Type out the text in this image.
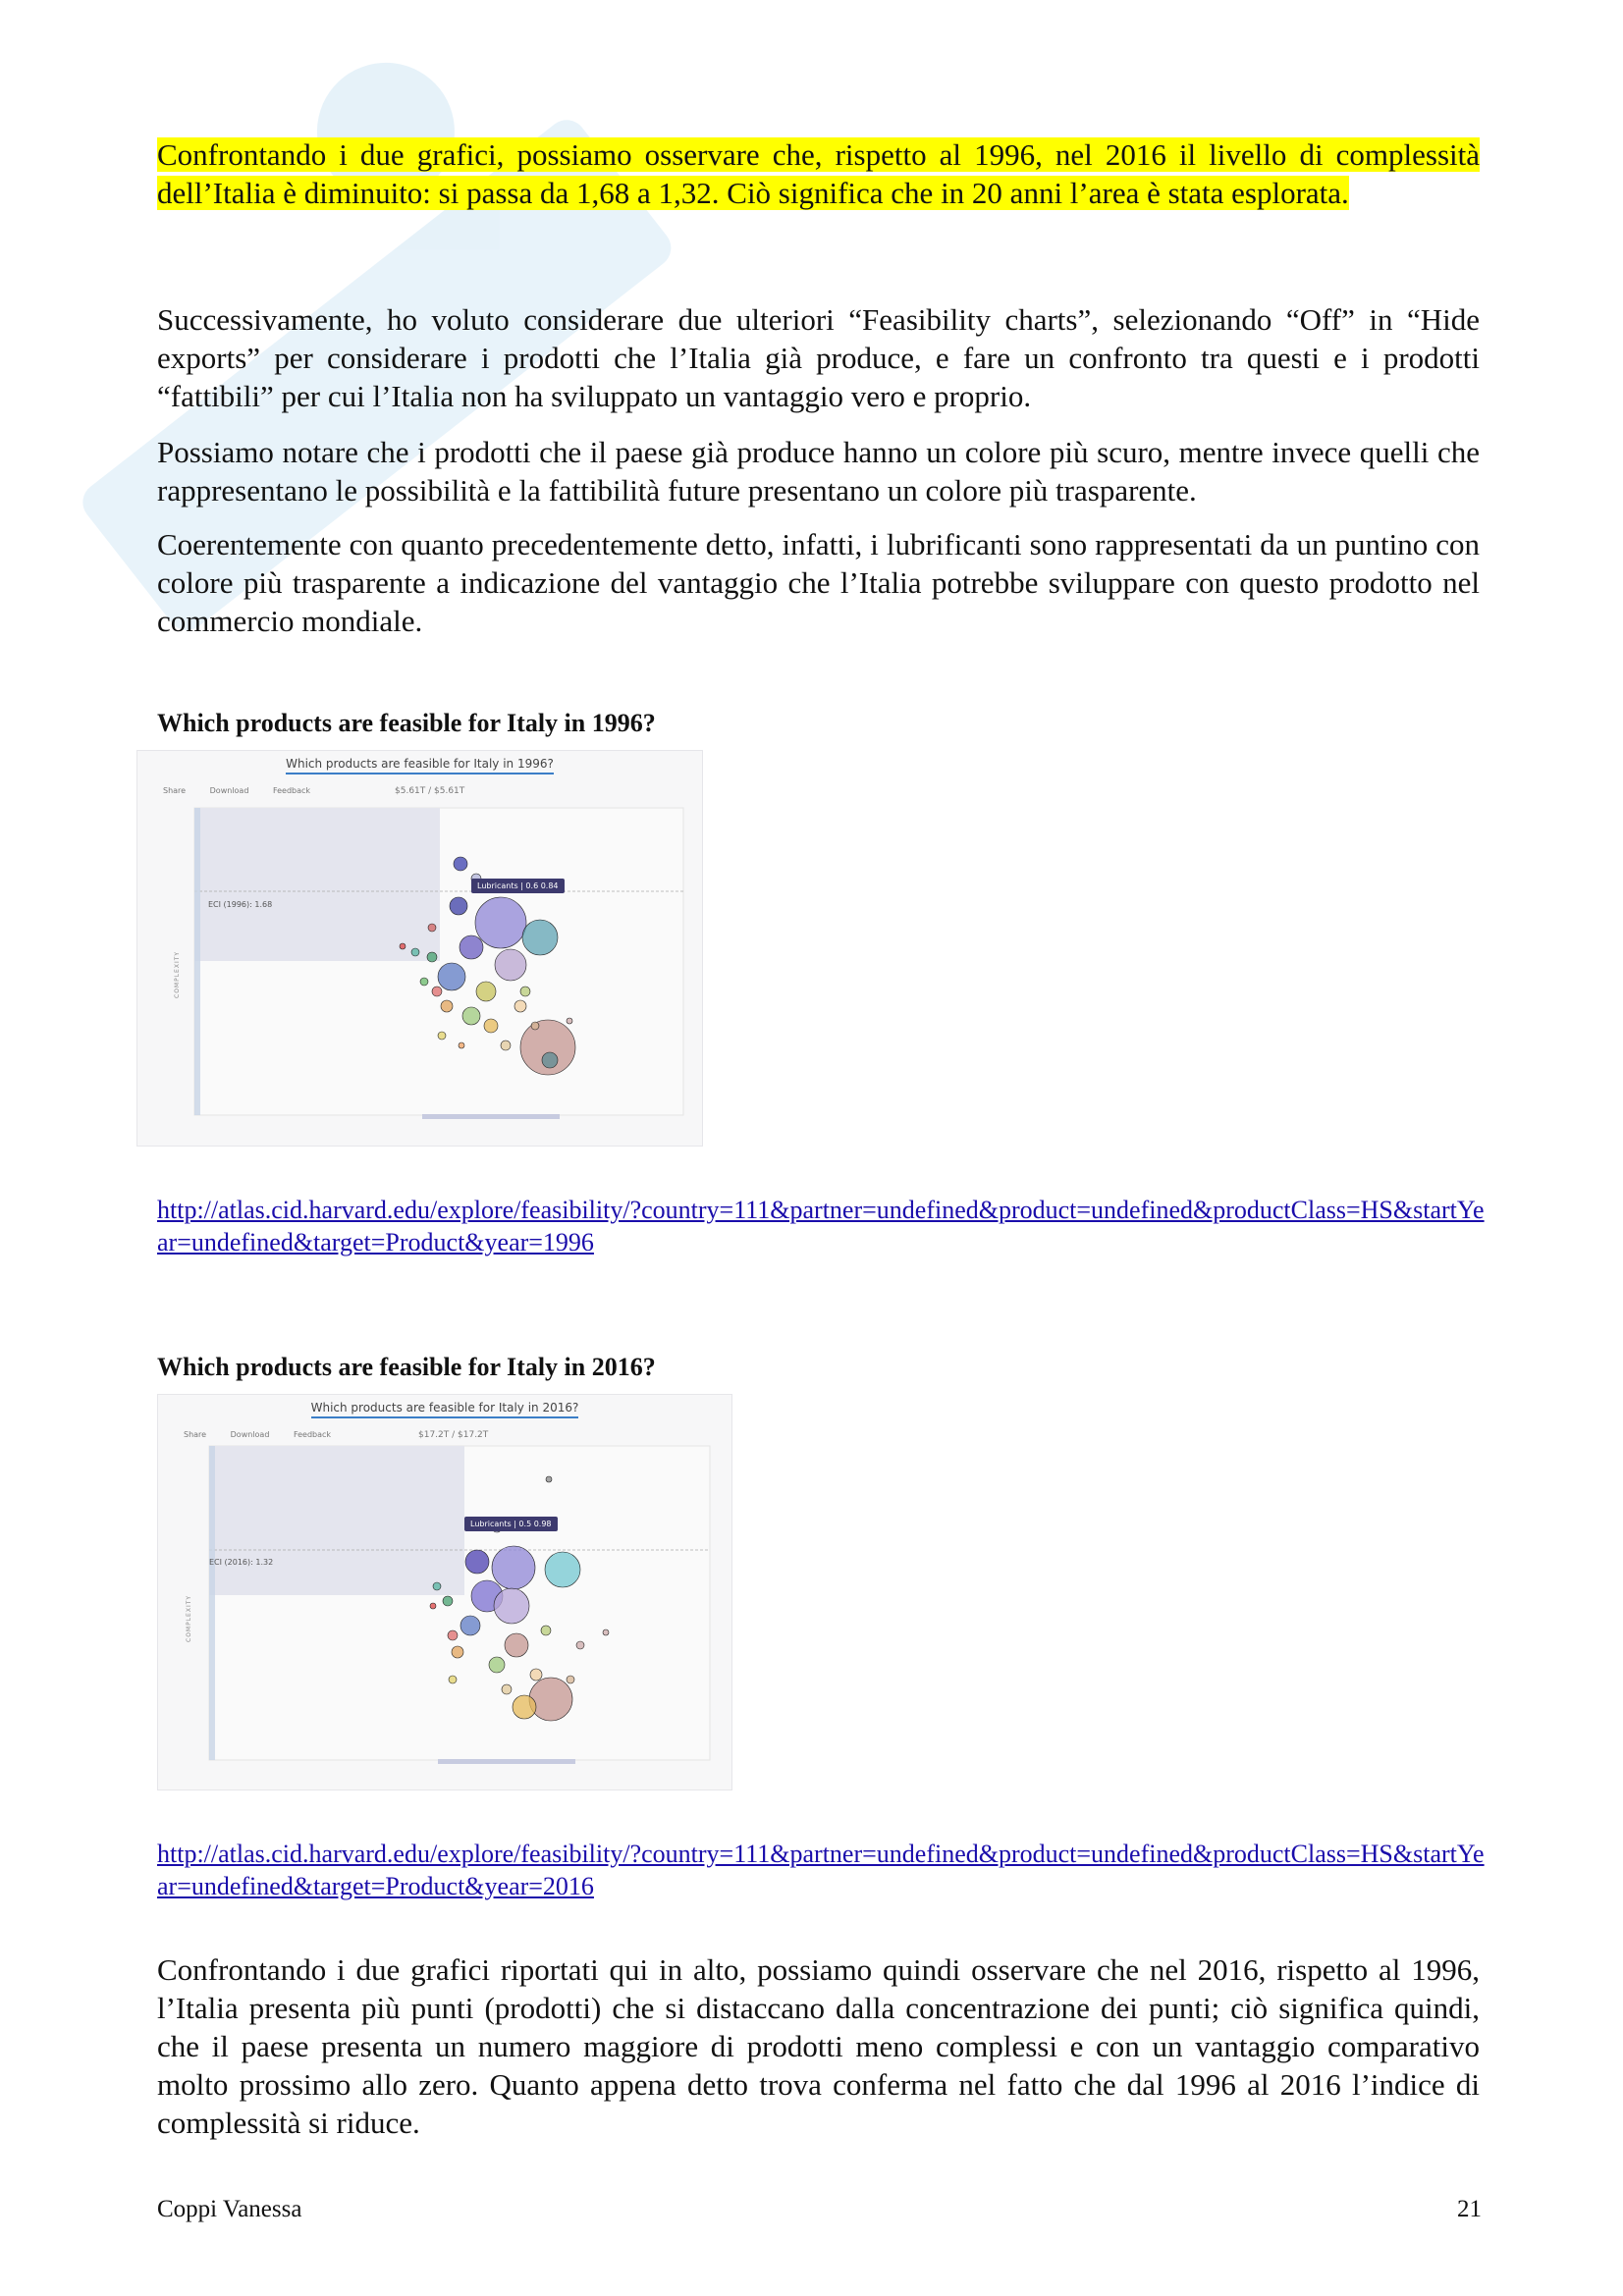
Confrontando i due grafici, possiamo osservare che, rispetto al 1996, nel 2016 il livello di complessità dell’Italia è diminuito: si passa da 1,68 a 1,32. Ciò significa che in 20 anni l’area è stata esplorata.
Successivamente, ho voluto considerare due ulteriori “Feasibility charts”, selezionando “Off” in “Hide exports” per considerare i prodotti che l’Italia già produce, e fare un confronto tra questi e i prodotti “fattibili” per cui l’Italia non ha sviluppato un vantaggio vero e proprio.
Possiamo notare che i prodotti che il paese già produce hanno un colore più scuro, mentre invece quelli che rappresentano le possibilità e la fattibilità future presentano un colore più trasparente.
Coerentemente con quanto precedentemente detto, infatti, i lubrificanti sono rappresentati da un puntino con colore più trasparente a indicazione del vantaggio che l’Italia potrebbe sviluppare con questo prodotto nel commercio mondiale.
Which products are feasible for Italy in 1996?
Which products are feasible for Italy in 1996?
Share	Download	Feedback	$5.61T / $5.61T
COMPLEXITY
ECI (1996): 1.68
Lubricants | 0.6 0.84
http://atlas.cid.harvard.edu/explore/feasibility/?country=111&partner=undefined&product=undefined&productClass=HS&startYear=undefined&target=Product&year=1996
Which products are feasible for Italy in 2016?
Which products are feasible for Italy in 2016?
Share	Download	Feedback	$17.2T / $17.2T
COMPLEXITY
ECI (2016): 1.32
Lubricants | 0.5 0.98
http://atlas.cid.harvard.edu/explore/feasibility/?country=111&partner=undefined&product=undefined&productClass=HS&startYear=undefined&target=Product&year=2016
Confrontando i due grafici riportati qui in alto, possiamo quindi osservare che nel 2016, rispetto al 1996, l’Italia presenta più punti (prodotti) che si distaccano dalla concentrazione dei punti; ciò significa quindi, che il paese presenta un numero maggiore di prodotti meno complessi e con un vantaggio comparativo molto prossimo allo zero. Quanto appena detto trova conferma nel fatto che dal 1996 al 2016 l’indice di complessità si riduce.
Coppi Vanessa	21
